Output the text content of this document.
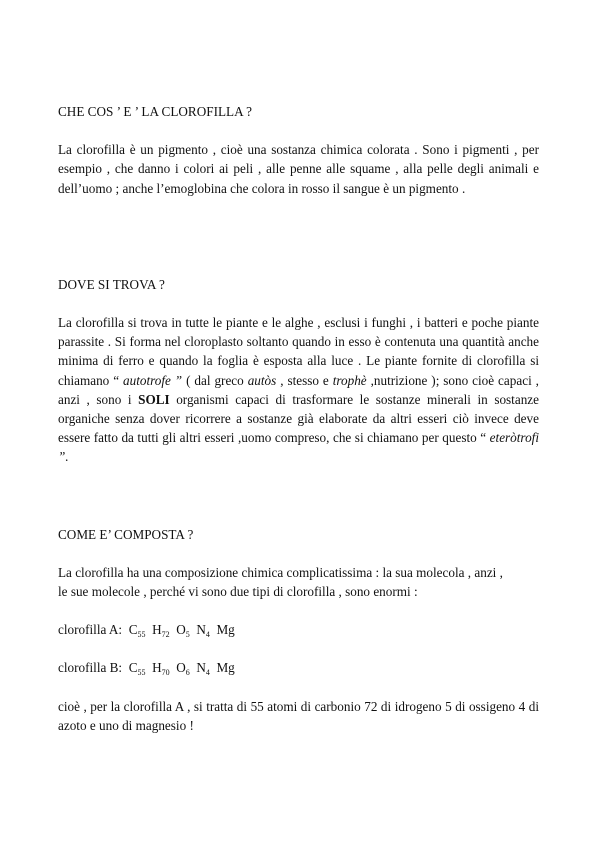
CHE COS ’ E ’ LA CLOROFILLA ?

La clorofilla è un pigmento , cioè una sostanza chimica colorata . Sono i pigmenti , per esempio , che danno i colori ai peli , alle penne alle squame , alla pelle degli animali e dell’uomo ; anche l’emoglobina che colora in rosso il sangue è un pigmento .

DOVE SI TROVA ?

La clorofilla si trova in tutte le piante e le alghe , esclusi i funghi , i batteri e poche piante parassite . Si forma nel cloroplasto soltanto quando in esso è contenuta una quantità anche minima di ferro e quando la foglia è esposta alla luce . Le piante fornite di clorofilla si chiamano “ autotrofe ” ( dal greco autòs , stesso e trophè ,nutrizione ); sono cioè capaci , anzi , sono i SOLI organismi capaci di trasformare le sostanze minerali in sostanze organiche senza dover ricorrere a sostanze già elaborate da altri esseri ciò invece deve essere fatto da tutti gli altri esseri ,uomo compreso, che si chiamano per questo “ eteròtrofi ”.

COME E’ COMPOSTA ?

La clorofilla ha una composizione chimica complicatissima : la sua molecola , anzi ,
le sue molecole , perché vi sono due tipi di clorofilla , sono enormi :

clorofilla A: $C_{55}$ $H_{72}$ $O_5$ $N_4$ Mg

clorofilla B: $C_{55}$ $H_{70}$ $O_6$ $N_4$ Mg

cioè , per la clorofilla A , si tratta di 55 atomi di carbonio 72 di idrogeno 5 di ossigeno 4 di azoto e uno di magnesio !
